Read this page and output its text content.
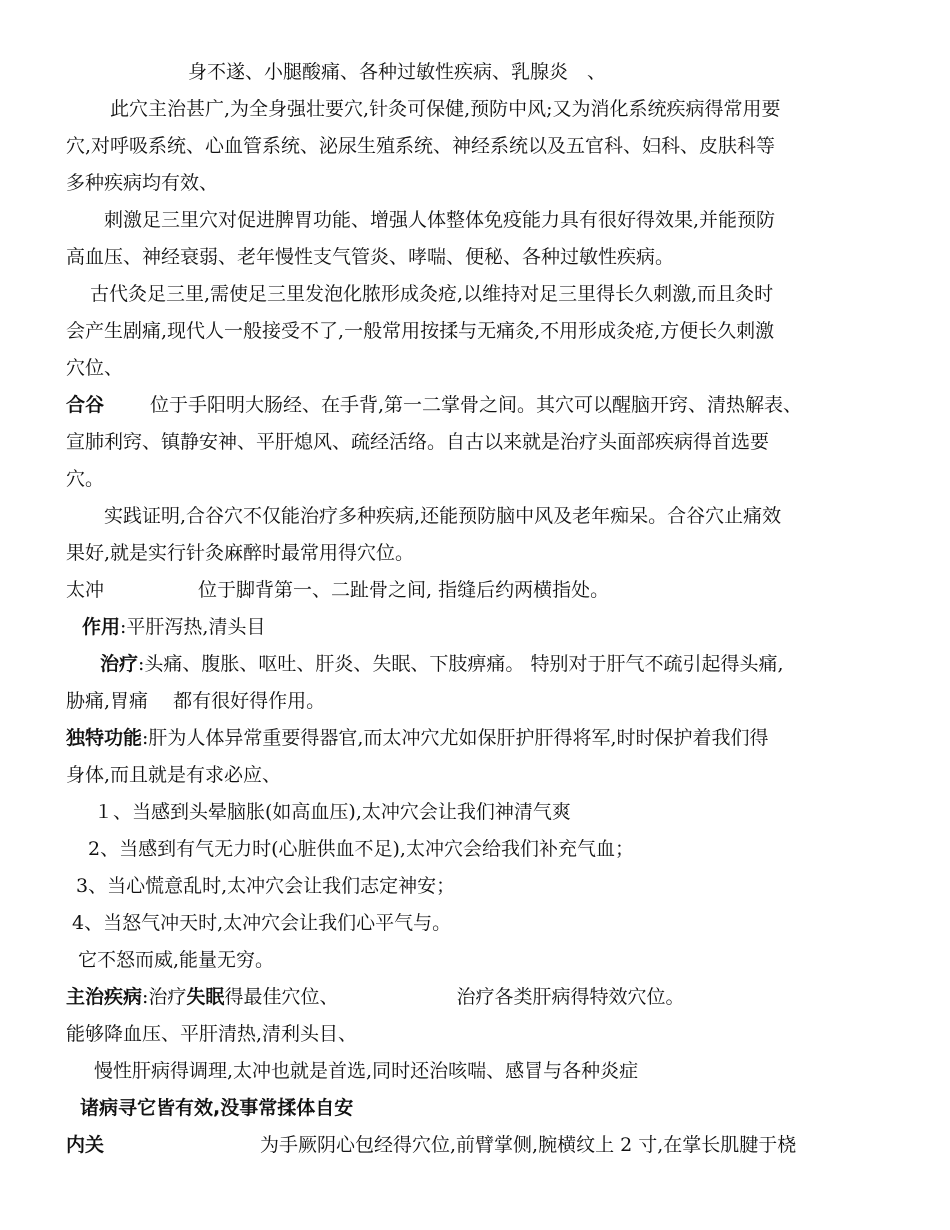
身不遂、小腿酸痛、各种过敏性疾病、乳腺炎　、
此穴主治甚广,为全身强壮要穴,针灸可保健,预防中风;又为消化系统疾病得常用要
穴,对呼吸系统、心血管系统、泌尿生殖系统、神经系统以及五官科、妇科、皮肤科等
多种疾病均有效、
刺激足三里穴对促进脾胃功能、增强人体整体免疫能力具有很好得效果,并能预防
高血压、神经衰弱、老年慢性支气管炎、哮喘、便秘、各种过敏性疾病。
古代灸足三里,需使足三里发泡化脓形成灸疮,以维持对足三里得长久刺激,而且灸时
会产生剧痛,现代人一般接受不了,一般常用按揉与无痛灸,不用形成灸疮,方便长久刺激
穴位、
合谷 位于手阳明大肠经、在手背,第一二掌骨之间。其穴可以醒脑开窍、清热解表、
宣肺利窍、镇静安神、平肝熄风、疏经活络。自古以来就是治疗头面部疾病得首选要
穴。
实践证明,合谷穴不仅能治疗多种疾病,还能预防脑中风及老年痴呆。合谷穴止痛效
果好,就是实行针灸麻醉时最常用得穴位。
太冲	位于脚背第一、二趾骨之间, 指缝后约两横指处。
作用:平肝泻热,清头目
治疗:头痛、腹胀、呕吐、肝炎、失眠、下肢痹痛。 特别对于肝气不疏引起得头痛,
胁痛,胃痛　 都有很好得作用。
独特功能:肝为人体异常重要得器官,而太冲穴尤如保肝护肝得将军,时时保护着我们得
身体,而且就是有求必应、
１、当感到头晕脑胀(如高血压),太冲穴会让我们神清气爽
2、当感到有气无力时(心脏供血不足),太冲穴会给我们补充气血；
3、当心慌意乱时,太冲穴会让我们志定神安；
4、当怒气冲天时,太冲穴会让我们心平气与。
它不怒而威,能量无穷。
主治疾病:治疗失眠得最佳穴位、	治疗各类肝病得特效穴位。
能够降血压、平肝清热,清利头目、
慢性肝病得调理,太冲也就是首选,同时还治咳喘、感冒与各种炎症
诸病寻它皆有效,没事常揉体自安
内关	为手厥阴心包经得穴位,前臂掌侧,腕横纹上 2 寸,在掌长肌腱于桡
